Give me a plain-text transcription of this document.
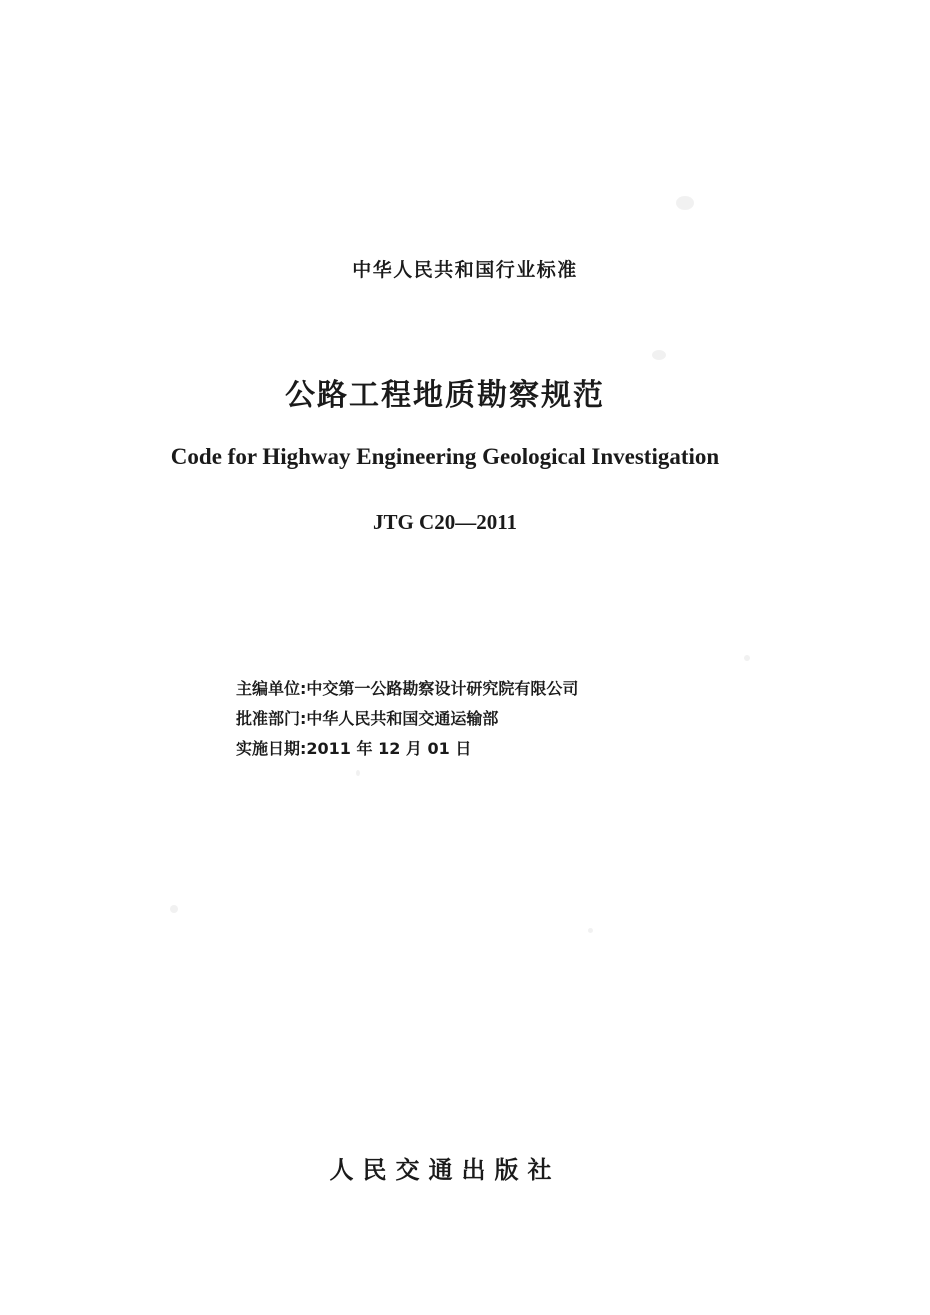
中华人民共和国行业标准
公路工程地质勘察规范
Code for Highway Engineering Geological Investigation
JTG C20—2011
主编单位:中交第一公路勘察设计研究院有限公司
批准部门:中华人民共和国交通运输部
实施日期:2011 年 12 月 01 日
人民交通出版社
